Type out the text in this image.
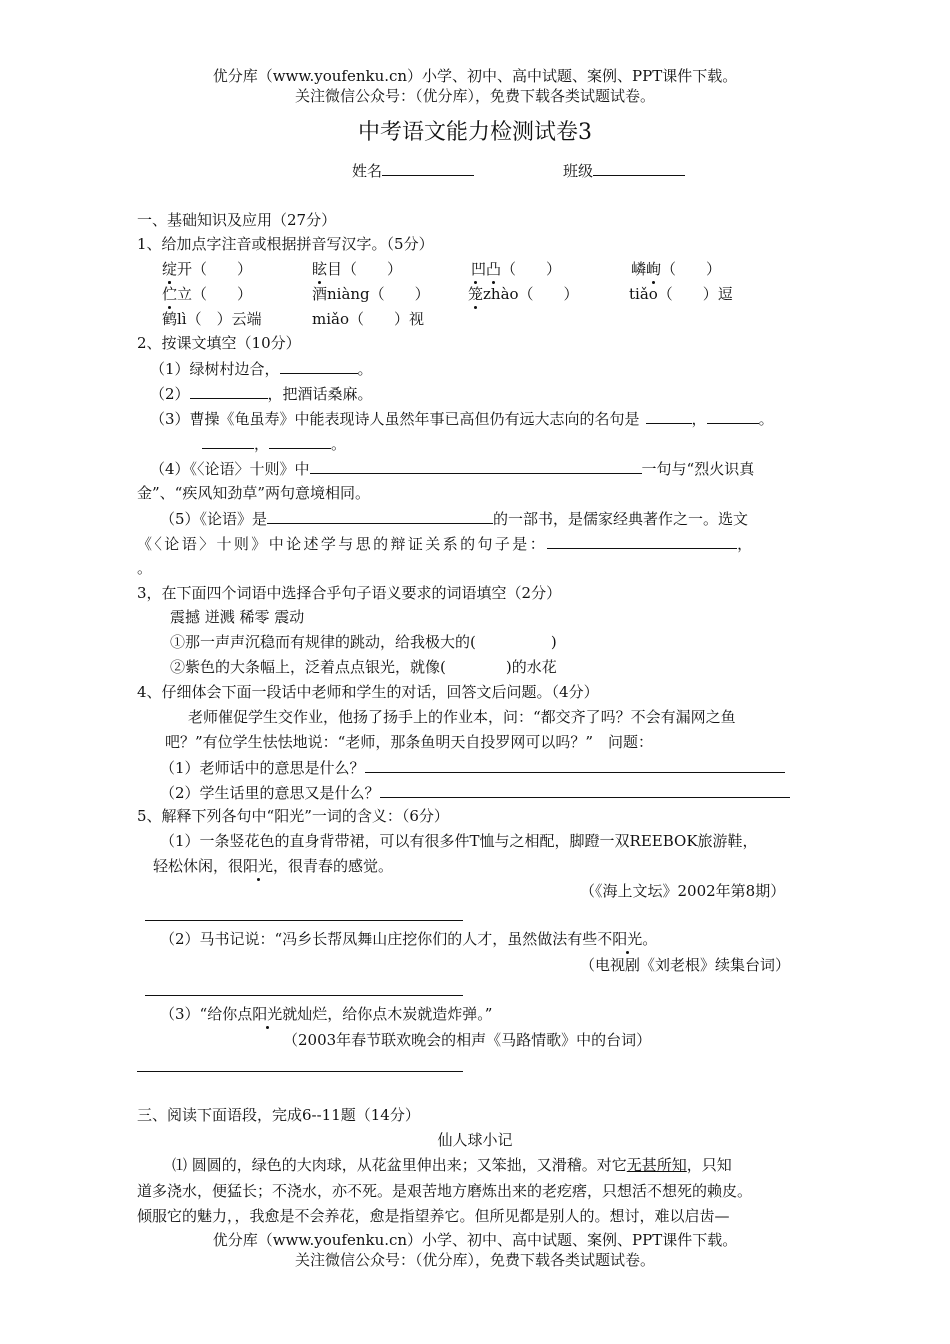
优分库（www.youfenku.cn）小学、初中、高中试题、案例、PPT课件下载。
关注微信公众号：（优分库），免费下载各类试题试卷。
中考语文能力检测试卷3
姓名	班级
一、基础知识及应用（27分）
1、给加点字注音或根据拼音写汉字。（5分）
绽开（　　）	眩目（　　）	凹凸（　　）	嶙峋（　　）
伫立（　　）	酒niàng（　　）	笼zhào（　　）	tiǎo（　　）逗
鹤lì（　）云端	miǎo（　　）视
2、按课文填空（10分）
（1）绿树村边合，	。
（2）	，把酒话桑麻。
（3）曹操《龟虽寿》中能表现诗人虽然年事已高但仍有远大志向的名句是	，	。
，	。
（4）《〈论语〉十则》中	一句与“烈火识真
金”、“疾风知劲草”两句意境相同。
（5）《论语》是	的一部书，是儒家经典著作之一。选文
《〈论语〉十则》中论述学与思的辩证关系的句子是：	，
。
3，在下面四个词语中选择合乎句子语义要求的词语填空（2分）
震撼 迸溅 稀零 震动
①那一声声沉稳而有规律的跳动，给我极大的(　　　　　)
②紫色的大条幅上，泛着点点银光，就像(　　　　)的水花
4、仔细体会下面一段话中老师和学生的对话，回答文后问题。（4分）
老师催促学生交作业，他扬了扬手上的作业本，问：“都交齐了吗？不会有漏网之鱼
吧？”有位学生怯怯地说：“老师，那条鱼明天自投罗网可以吗？”　问题：
（1）老师话中的意思是什么？
（2）学生话里的意思又是什么？
5、解释下列各句中“阳光”一词的含义：（6分）
（1）一条竖花色的直身背带裙，可以有很多件T恤与之相配，脚蹬一双REEBOK旅游鞋，
轻松休闲，很阳光，很青春的感觉。
（《海上文坛》2002年第8期）
（2）马书记说：“冯乡长帮凤舞山庄挖你们的人才，虽然做法有些不阳光。
（电视剧《刘老根》续集台词）
（3）“给你点阳光就灿烂，给你点木炭就造炸弹。”
（2003年春节联欢晚会的相声《马路情歌》中的台词）
三、阅读下面语段，完成6--11题（14分）
仙人球小记
⑴ 圆圆的，绿色的大肉球，从花盆里伸出来；又笨拙，又滑稽。对它无甚所知，只知
道多浇水，便猛长；不浇水，亦不死。是艰苦地方磨炼出来的老疙瘩，只想活不想死的赖皮。
倾服它的魅力，，我愈是不会养花，愈是指望养它。但所见都是别人的。想讨，难以启齿—
优分库（www.youfenku.cn）小学、初中、高中试题、案例、PPT课件下载。
关注微信公众号：（优分库），免费下载各类试题试卷。
